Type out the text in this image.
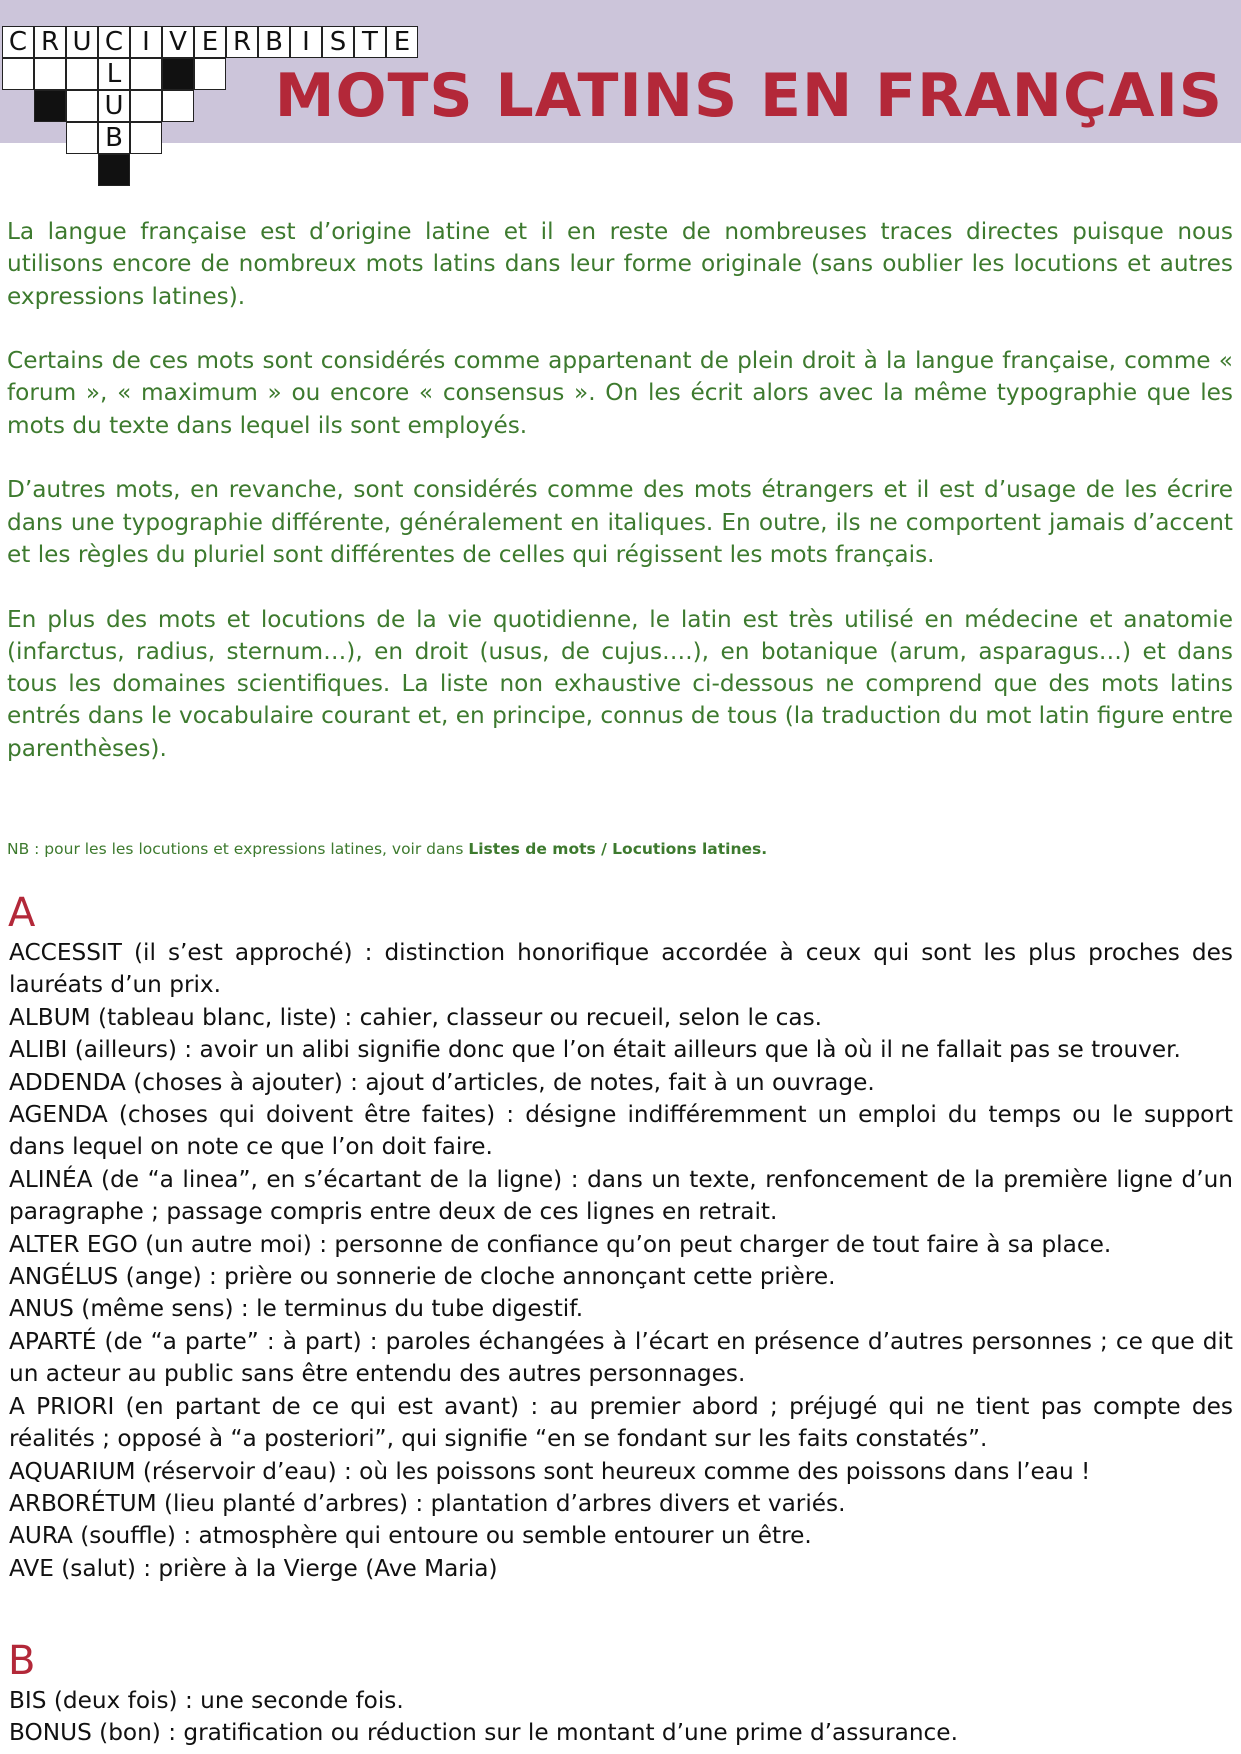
C R U C I V E R B I S T E
L
U
B
MOTS LATINS EN FRANÇAIS

La langue française est d’origine latine et il en reste de nombreuses traces directes puisque nous utilisons encore de nombreux mots latins dans leur forme originale (sans oublier les locutions et autres expressions latines).

Certains de ces mots sont considérés comme appartenant de plein droit à la langue française, comme « forum », « maximum » ou encore « consensus ». On les écrit alors avec la même typographie que les mots du texte dans lequel ils sont employés.

D’autres mots, en revanche, sont considérés comme des mots étrangers et il est d’usage de les écrire dans une typographie différente, généralement en italiques. En outre, ils ne comportent jamais d’accent et les règles du pluriel sont différentes de celles qui régissent les mots français.

En plus des mots et locutions de la vie quotidienne, le latin est très utilisé en médecine et anatomie (infarctus, radius, sternum…), en droit (usus, de cujus….), en botanique (arum, asparagus…) et dans tous les domaines scientifiques. La liste non exhaustive ci-dessous ne comprend que des mots latins entrés dans le vocabulaire courant et, en principe, connus de tous (la traduction du mot latin figure entre parenthèses).

NB : pour les les locutions et expressions latines, voir dans Listes de mots / Locutions latines.
A
ACCESSIT (il s’est approché) : distinction honorifique accordée à ceux qui sont les plus proches des lauréats d’un prix.
ALBUM (tableau blanc, liste) : cahier, classeur ou recueil, selon le cas.
ALIBI (ailleurs) : avoir un alibi signifie donc que l’on était ailleurs que là où il ne fallait pas se trouver.
ADDENDA (choses à ajouter) : ajout d’articles, de notes, fait à un ouvrage.
AGENDA (choses qui doivent être faites) : désigne indifféremment un emploi du temps ou le support dans lequel on note ce que l’on doit faire.
ALINÉA (de “a linea”, en s’écartant de la ligne) : dans un texte, renfoncement de la première ligne d’un paragraphe ; passage compris entre deux de ces lignes en retrait.
ALTER EGO (un autre moi) : personne de confiance qu’on peut charger de tout faire à sa place.
ANGÉLUS (ange) : prière ou sonnerie de cloche annonçant cette prière.
ANUS (même sens) : le terminus du tube digestif.
APARTÉ (de “a parte” : à part) : paroles échangées à l’écart en présence d’autres personnes ; ce que dit un acteur au public sans être entendu des autres personnages.
A PRIORI (en partant de ce qui est avant) : au premier abord ; préjugé qui ne tient pas compte des réalités ; opposé à “a posteriori”, qui signifie “en se fondant sur les faits constatés”.
AQUARIUM (réservoir d’eau) : où les poissons sont heureux comme des poissons dans l’eau !
ARBORÉTUM (lieu planté d’arbres) : plantation d’arbres divers et variés.
AURA (souffle) : atmosphère qui entoure ou semble entourer un être.
AVE (salut) : prière à la Vierge (Ave Maria)
B
BIS (deux fois) : une seconde fois.
BONUS (bon) : gratification ou réduction sur le montant d’une prime d’assurance.
